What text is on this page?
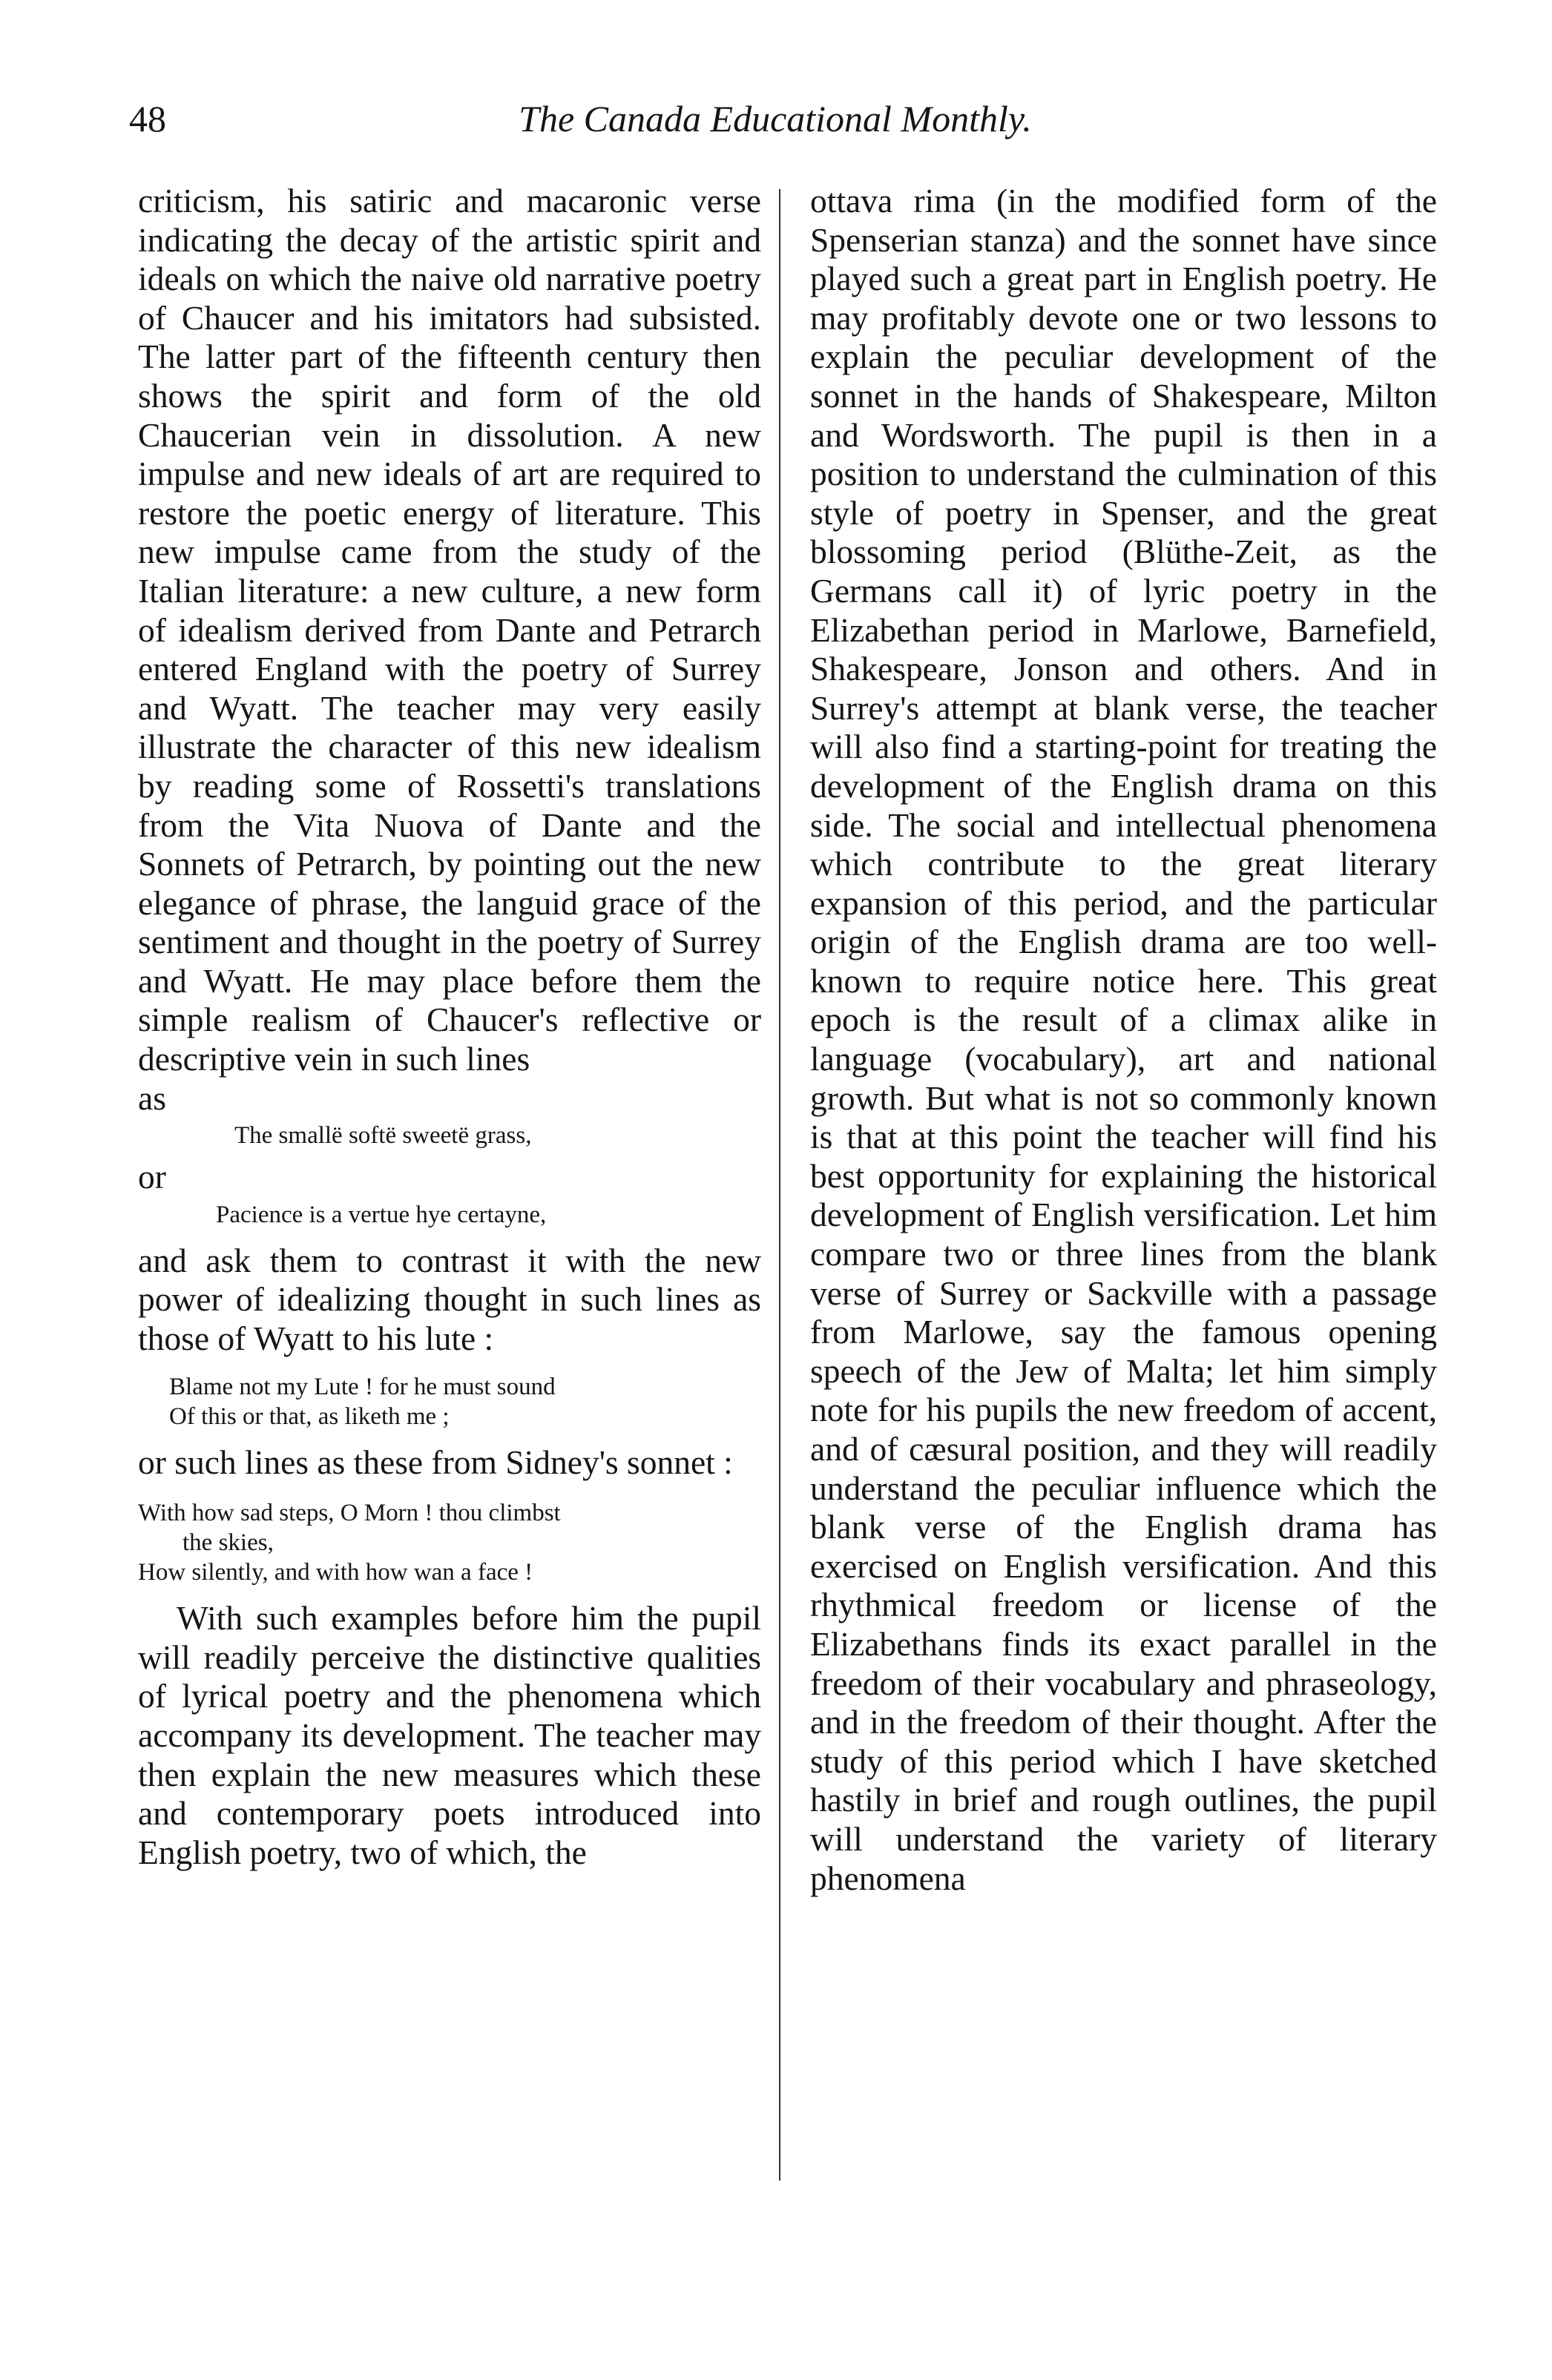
48	The Canada Educational Monthly.

criticism, his satiric and macaronic verse indicating the decay of the artistic spirit and ideals on which the naive old narrative poetry of Chaucer and his imitators had subsisted. The latter part of the fifteenth century then shows the spirit and form of the old Chaucerian vein in dissolution. A new impulse and new ideals of art are required to restore the poetic energy of literature. This new impulse came from the study of the Italian literature: a new culture, a new form of idealism derived from Dante and Petrarch entered England with the poetry of Surrey and Wyatt. The teacher may very easily illustrate the character of this new idealism by reading some of Rossetti's translations from the Vita Nuova of Dante and the Sonnets of Petrarch, by pointing out the new elegance of phrase, the languid grace of the sentiment and thought in the poetry of Surrey and Wyatt. He may place before them the simple realism of Chaucer's reflective or descriptive vein in such lines

as

The smallë softë sweetë grass,

or

Pacience is a vertue hye certayne,

and ask them to contrast it with the new power of idealizing thought in such lines as those of Wyatt to his lute :

Blame not my Lute ! for he must sound
Of this or that, as liketh me ;

or such lines as these from Sidney's sonnet :

With how sad steps, O Morn ! thou climbst
the skies,
How silently, and with how wan a face !

With such examples before him the pupil will readily perceive the distinctive qualities of lyrical poetry and the phenomena which accompany its development. The teacher may then explain the new measures which these and contemporary poets introduced into English poetry, two of which, the

ottava rima (in the modified form of the Spenserian stanza) and the sonnet have since played such a great part in English poetry. He may profitably devote one or two lessons to explain the peculiar development of the sonnet in the hands of Shakespeare, Milton and Wordsworth. The pupil is then in a position to understand the culmination of this style of poetry in Spenser, and the great blossoming period (Blüthe-Zeit, as the Germans call it) of lyric poetry in the Elizabethan period in Marlowe, Barnefield, Shakespeare, Jonson and others. And in Surrey's attempt at blank verse, the teacher will also find a starting-point for treating the development of the English drama on this side. The social and intellectual phenomena which contribute to the great literary expansion of this period, and the particular origin of the English drama are too well-known to require notice here. This great epoch is the result of a climax alike in language (vocabulary), art and national growth. But what is not so commonly known is that at this point the teacher will find his best opportunity for explaining the historical development of English versification. Let him compare two or three lines from the blank verse of Surrey or Sackville with a passage from Marlowe, say the famous opening speech of the Jew of Malta; let him simply note for his pupils the new freedom of accent, and of cæsural position, and they will readily understand the peculiar influence which the blank verse of the English drama has exercised on English versification. And this rhythmical freedom or license of the Elizabethans finds its exact parallel in the freedom of their vocabulary and phraseology, and in the freedom of their thought. After the study of this period which I have sketched hastily in brief and rough outlines, the pupil will understand the variety of literary phenomena
